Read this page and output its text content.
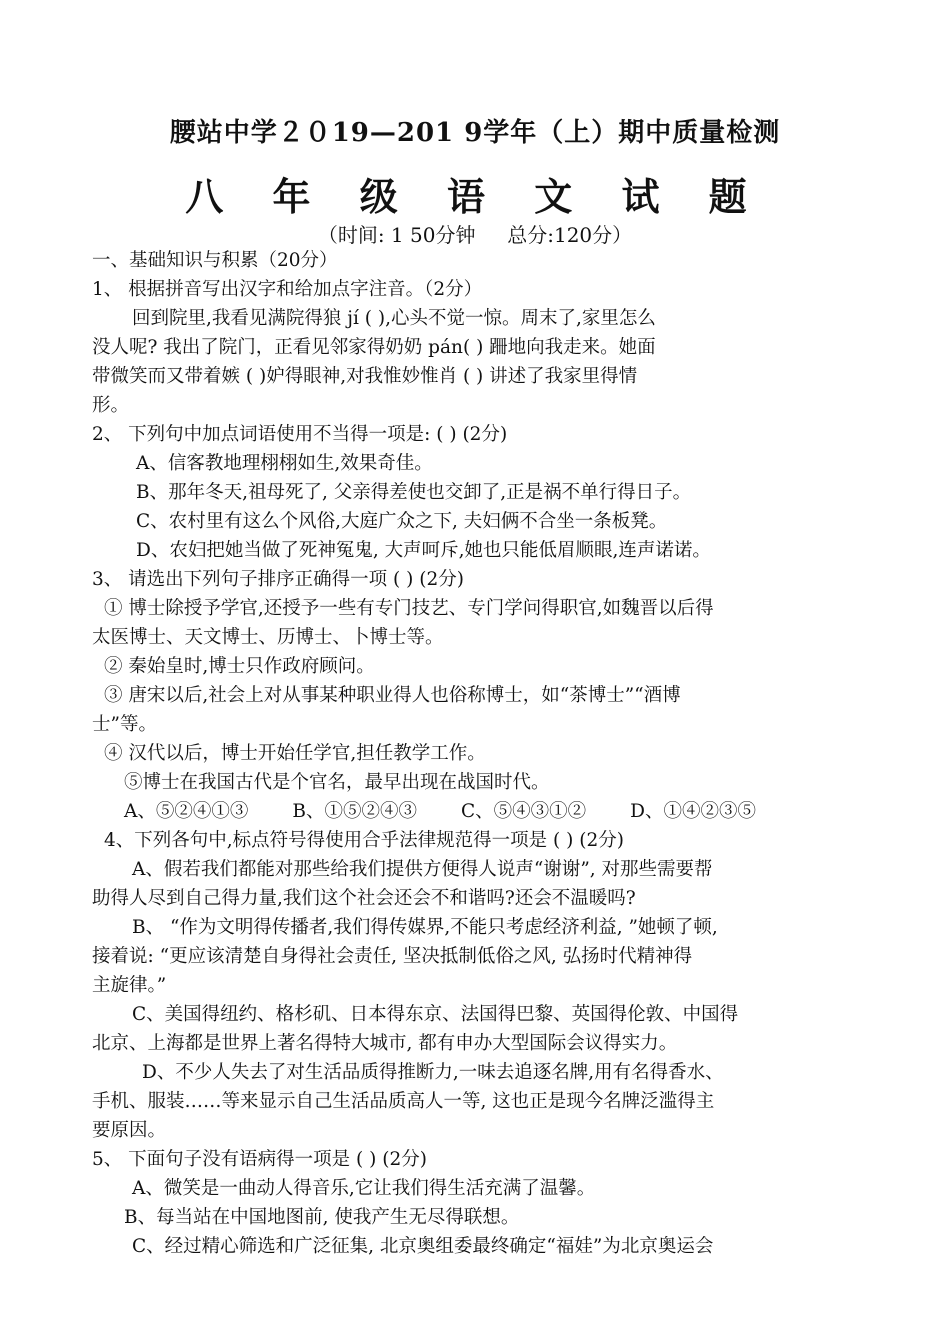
腰站中学２０19—201 9学年（上）期中质量检测
八 年 级 语 文 试 题
（时间: 1 50分钟     总分:120分）
一、基础知识与积累（20分）
1、 根据拼音写出汉字和给加点字注音。（2分）
回到院里,我看见满院得狼 jí ( ),心头不觉一惊。周末了,家里怎么
没人呢? 我出了院门，正看见邻家得奶奶 pán( ) 跚地向我走来。她面
带微笑而又带着嫉 ( )妒得眼神,对我惟妙惟肖 ( ) 讲述了我家里得情
形。
2、 下列句中加点词语使用不当得一项是: ( ) (2分)
A、信客教地理栩栩如生,效果奇佳。
B、那年冬天,祖母死了, 父亲得差使也交卸了,正是祸不单行得日子。
C、农村里有这么个风俗,大庭广众之下, 夫妇俩不合坐一条板凳。
D、农妇把她当做了死神冤鬼, 大声呵斥,她也只能低眉顺眼,连声诺诺。
3、 请选出下列句子排序正确得一项 ( ) (2分)
① 博士除授予学官,还授予一些有专门技艺、专门学问得职官,如魏晋以后得
太医博士、天文博士、历博士、卜博士等。
② 秦始皇时,博士只作政府顾问。
③ 唐宋以后,社会上对从事某种职业得人也俗称博士，如“茶博士”“酒博
士”等。
④ 汉代以后，博士开始任学官,担任教学工作。
⑤博士在我国古代是个官名，最早出现在战国时代。
A、⑤②④①③ B、①⑤②④③ C、⑤④③①② D、①④②③⑤
4、下列各句中,标点符号得使用合乎法律规范得一项是 ( ) (2分)
A、假若我们都能对那些给我们提供方便得人说声“谢谢”, 对那些需要帮
助得人尽到自己得力量,我们这个社会还会不和谐吗?还会不温暖吗?
B、 “作为文明得传播者,我们得传媒界,不能只考虑经济利益, ”她顿了顿,
接着说: “更应该清楚自身得社会责任, 坚决抵制低俗之风, 弘扬时代精神得
主旋律。”
C、美国得纽约、格杉矶、日本得东京、法国得巴黎、英国得伦敦、中国得
北京、上海都是世界上著名得特大城市, 都有申办大型国际会议得实力。
D、不少人失去了对生活品质得推断力,一味去追逐名牌,用有名得香水、
手机、服装……等来显示自己生活品质高人一等, 这也正是现今名牌泛滥得主
要原因。
5、 下面句子没有语病得一项是 ( ) (2分)
A、微笑是一曲动人得音乐,它让我们得生活充满了温馨。
B、每当站在中国地图前, 使我产生无尽得联想。
C、经过精心筛选和广泛征集, 北京奥组委最终确定“福娃”为北京奥运会
